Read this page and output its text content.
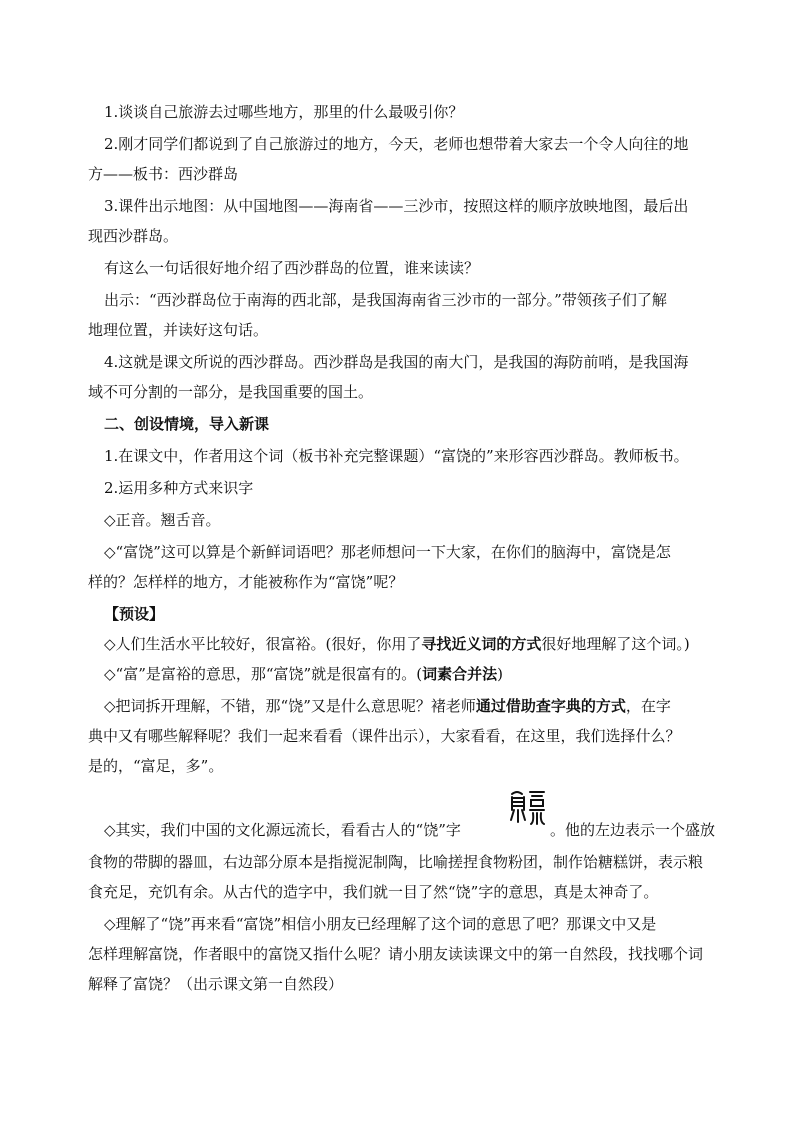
1.谈谈自己旅游去过哪些地方，那里的什么最吸引你？

2.刚才同学们都说到了自己旅游过的地方，今天，老师也想带着大家去一个令人向往的地

方——板书：西沙群岛

3.课件出示地图：从中国地图——海南省——三沙市，按照这样的顺序放映地图，最后出

现西沙群岛。

有这么一句话很好地介绍了西沙群岛的位置，谁来读读？

出示：“西沙群岛位于南海的西北部，是我国海南省三沙市的一部分。”带领孩子们了解

地理位置，并读好这句话。

4.这就是课文所说的西沙群岛。西沙群岛是我国的南大门，是我国的海防前哨，是我国海

域不可分割的一部分，是我国重要的国土。

二、创设情境，导入新课

1.在课文中，作者用这个词（板书补充完整课题）“富饶的”来形容西沙群岛。教师板书。

2.运用多种方式来识字

◇正音。翘舌音。

◇“富饶”这可以算是个新鲜词语吧？那老师想问一下大家，在你们的脑海中，富饶是怎

样的？怎样样的地方，才能被称作为“富饶”呢？

【预设】

◇人们生活水平比较好，很富裕。(很好，你用了寻找近义词的方式很好地理解了这个词。)

◇“富”是富裕的意思，那“富饶”就是很富有的。(词素合并法)

◇把词拆开理解，不错，那“饶”又是什么意思呢？褚老师通过借助查字典的方式，在字

典中又有哪些解释呢？我们一起来看看（课件出示），大家看看，在这里，我们选择什么？

是的，“富足，多”。

◇其实，我们中国的文化源远流长，看看古人的“饶”字	。他的左边表示一个盛放

食物的带脚的器皿，右边部分原本是指搅泥制陶，比喻搓捏食物粉团，制作饴糖糕饼，表示粮

食充足，充饥有余。从古代的造字中，我们就一目了然“饶”字的意思，真是太神奇了。

◇理解了“饶”再来看“富饶”相信小朋友已经理解了这个词的意思了吧？那课文中又是

怎样理解富饶，作者眼中的富饶又指什么呢？请小朋友读读课文中的第一自然段，找找哪个词

解释了富饶？（出示课文第一自然段）
